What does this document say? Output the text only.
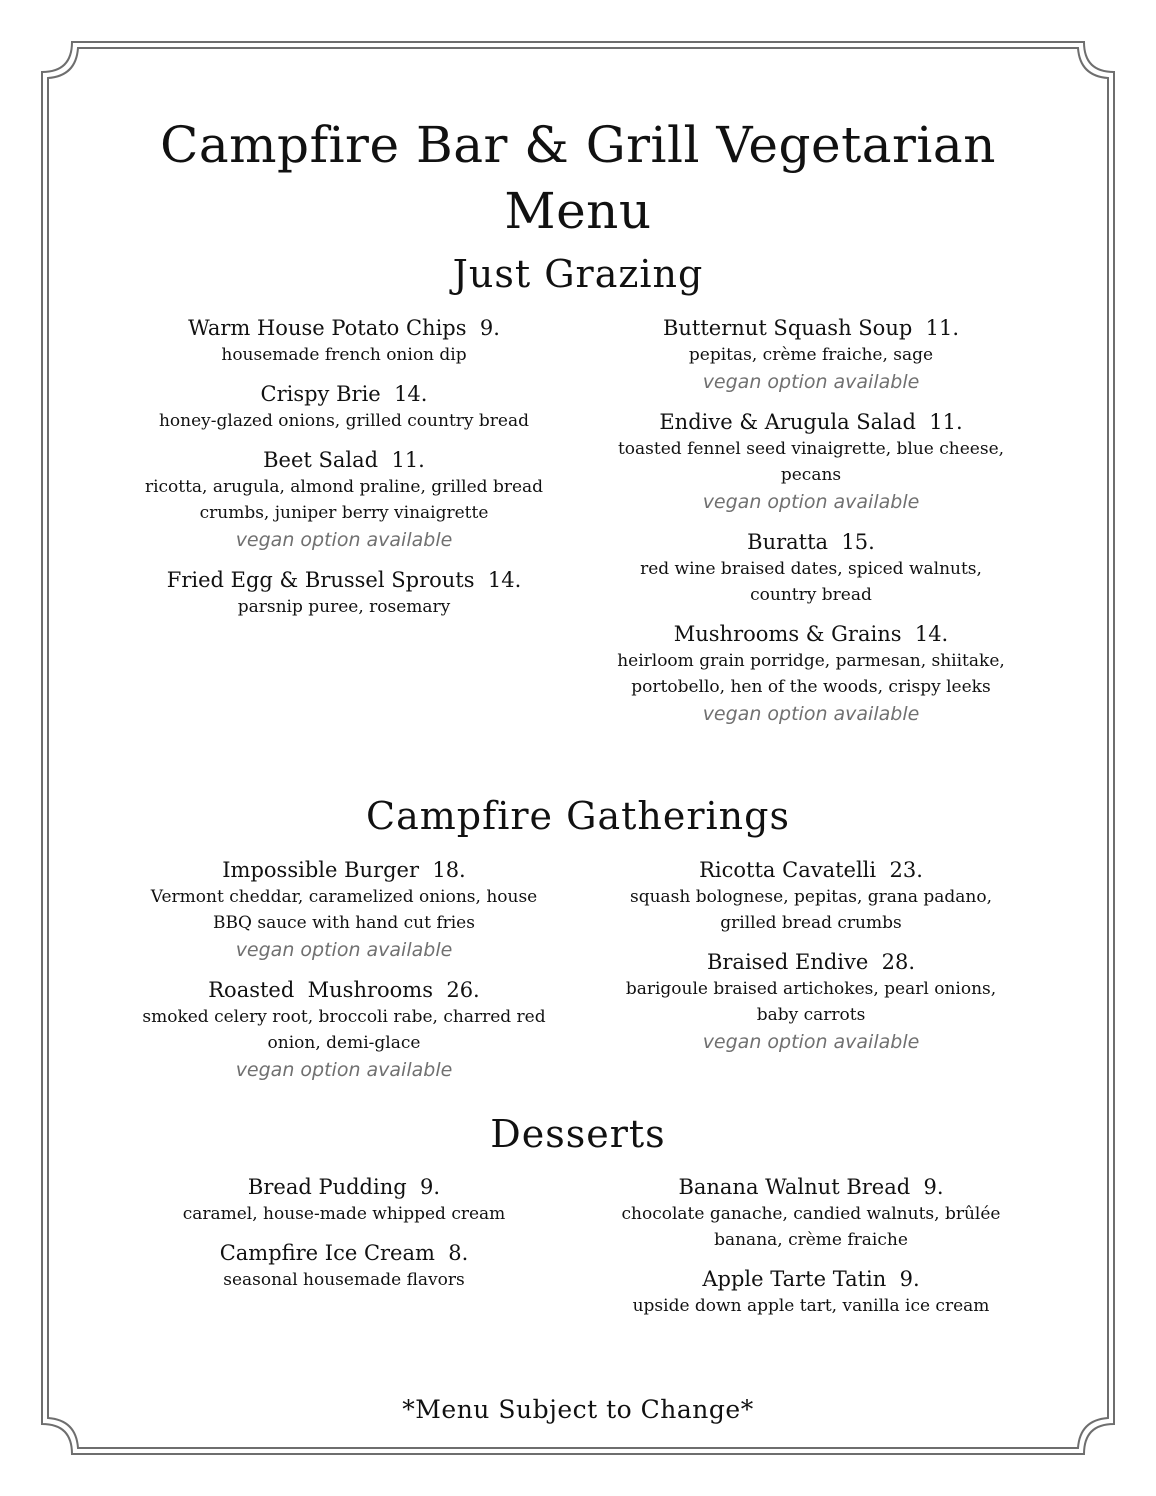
Campfire Bar & Grill Vegetarian Menu
Just Grazing
Warm House Potato Chips  9.
housemade french onion dip
Crispy Brie  14.
honey-glazed onions, grilled country bread
Beet Salad  11.
ricotta, arugula, almond praline, grilled bread crumbs, juniper berry vinaigrette
vegan option available
Fried Egg & Brussel Sprouts  14.
parsnip puree, rosemary
Butternut Squash Soup  11.
pepitas, crème fraiche, sage
vegan option available
Endive & Arugula Salad  11.
toasted fennel seed vinaigrette, blue cheese, pecans
vegan option available
Buratta  15.
red wine braised dates, spiced walnuts, country bread
Mushrooms & Grains  14.
heirloom grain porridge, parmesan, shiitake, portobello, hen of the woods, crispy leeks
vegan option available
Campfire Gatherings
Impossible Burger  18.
Vermont cheddar, caramelized onions, house BBQ sauce with hand cut fries
vegan option available
Roasted  Mushrooms  26.
smoked celery root, broccoli rabe, charred red onion, demi-glace
vegan option available
Ricotta Cavatelli  23.
squash bolognese, pepitas, grana padano, grilled bread crumbs
Braised Endive  28.
barigoule braised artichokes, pearl onions, baby carrots
vegan option available
Desserts
Bread Pudding  9.
caramel, house-made whipped cream
Campfire Ice Cream  8.
seasonal housemade flavors
Banana Walnut Bread  9.
chocolate ganache, candied walnuts, brûlée banana, crème fraiche
Apple Tarte Tatin  9.
upside down apple tart, vanilla ice cream
*Menu Subject to Change*
